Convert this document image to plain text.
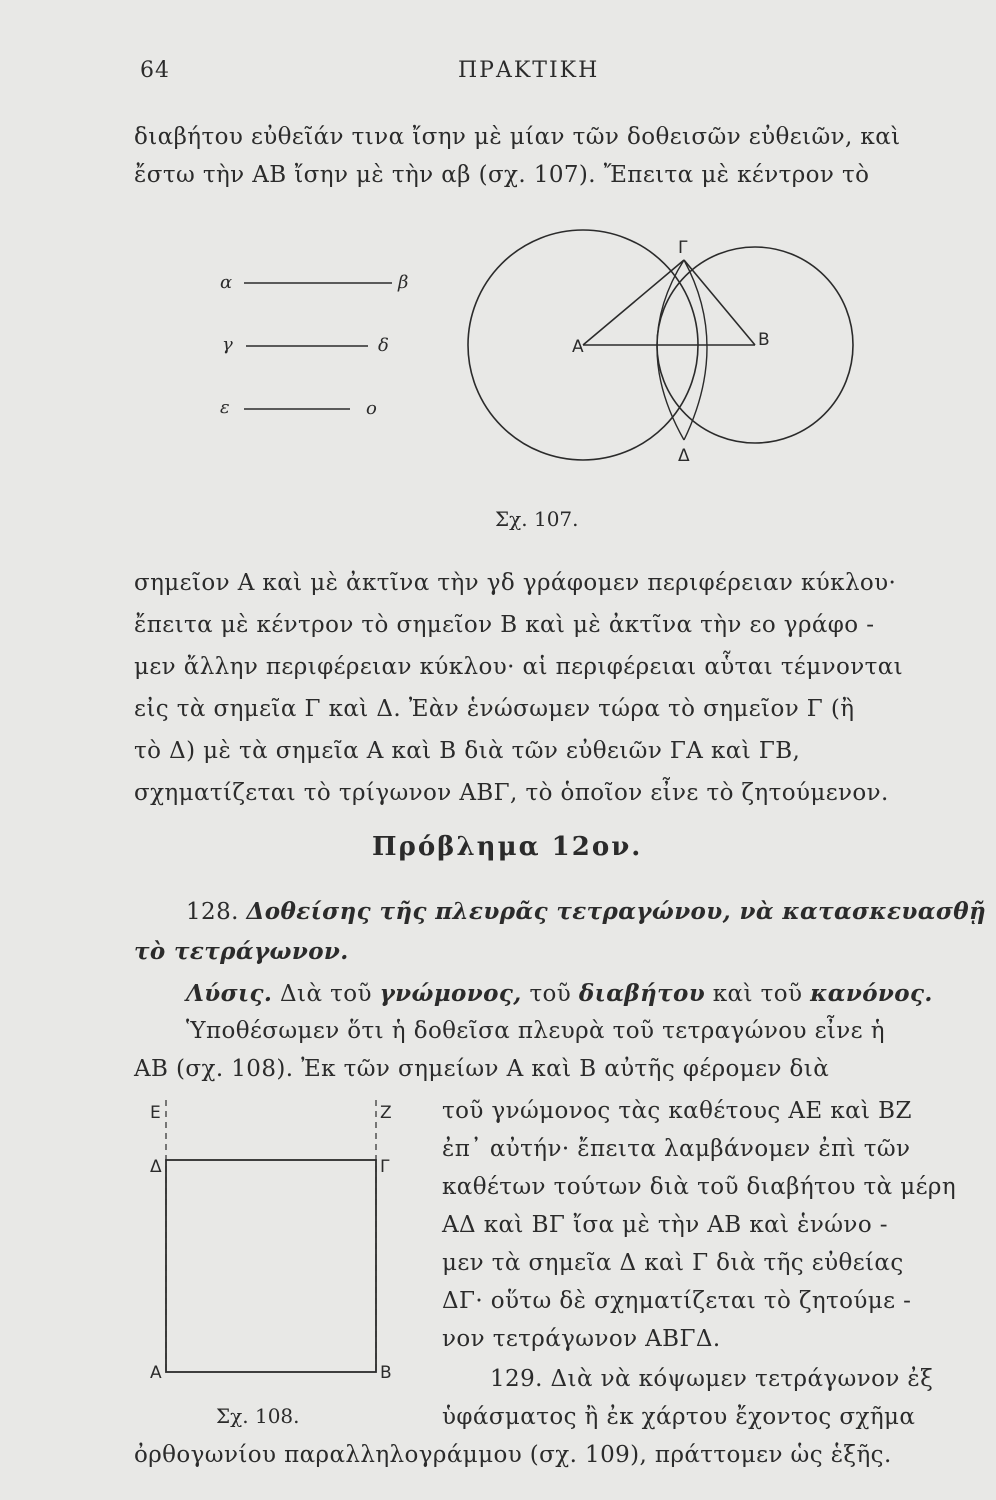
64	ΠΡΑΚΤΙΚΗ
διαβήτου εὐθεῖάν τινα ἴσην μὲ μίαν τῶν δοθεισῶν εὐθειῶν, καὶ
ἔστω τὴν ΑΒ ἴσην μὲ τὴν αβ (σχ. 107). Ἔπειτα μὲ κέντρον τὸ
α	β
γ	δ
ε	ο
Γ
Α	Β
Δ
Σχ. 107.
σημεῖον Α καὶ μὲ ἀκτῖνα τὴν γδ γράφομεν περιφέρειαν κύκλου·
ἔπειτα μὲ κέντρον τὸ σημεῖον Β καὶ μὲ ἀκτῖνα τὴν εο γράφο -
μεν ἄλλην περιφέρειαν κύκλου· αἱ περιφέρειαι αὗται τέμνονται
εἰς τὰ σημεῖα Γ καὶ Δ. Ἐὰν ἑνώσωμεν τώρα τὸ σημεῖον Γ (ἢ
τὸ Δ) μὲ τὰ σημεῖα Α καὶ Β διὰ τῶν εὐθειῶν ΓΑ καὶ ΓΒ,
σχηματίζεται τὸ τρίγωνον ΑΒΓ, τὸ ὁποῖον εἶνε τὸ ζητούμενον.
Πρόβλημα 12ον.
128. Δοθείσης τῆς πλευρᾶς τετραγώνου, νὰ κατασκευασθῇ
τὸ τετράγωνον.
Λύσις. Διὰ τοῦ γνώμονος, τοῦ διαβήτου καὶ τοῦ κανόνος.
Ὑποθέσωμεν ὅτι ἡ δοθεῖσα πλευρὰ τοῦ τετραγώνου εἶνε ἡ
ΑΒ (σχ. 108). Ἐκ τῶν σημείων Α καὶ Β αὐτῆς φέρομεν διὰ
Ε	Ζ
Δ	Γ
Α	Β
Σχ. 108.
τοῦ γνώμονος τὰς καθέτους ΑΕ καὶ ΒΖ
ἐπ᾽ αὐτήν· ἔπειτα λαμβάνομεν ἐπὶ τῶν
καθέτων τούτων διὰ τοῦ διαβήτου τὰ μέρη
ΑΔ καὶ ΒΓ ἴσα μὲ τὴν ΑΒ καὶ ἑνώνο -
μεν τὰ σημεῖα Δ καὶ Γ διὰ τῆς εὐθείας
ΔΓ· οὕτω δὲ σχηματίζεται τὸ ζητούμε -
νον τετράγωνον ΑΒΓΔ.
129. Διὰ νὰ κόψωμεν τετράγωνον ἐξ
ὑφάσματος ἢ ἐκ χάρτου ἔχοντος σχῆμα
ὀρθογωνίου παραλληλογράμμου (σχ. 109), πράττομεν ὡς ἑξῆς.
